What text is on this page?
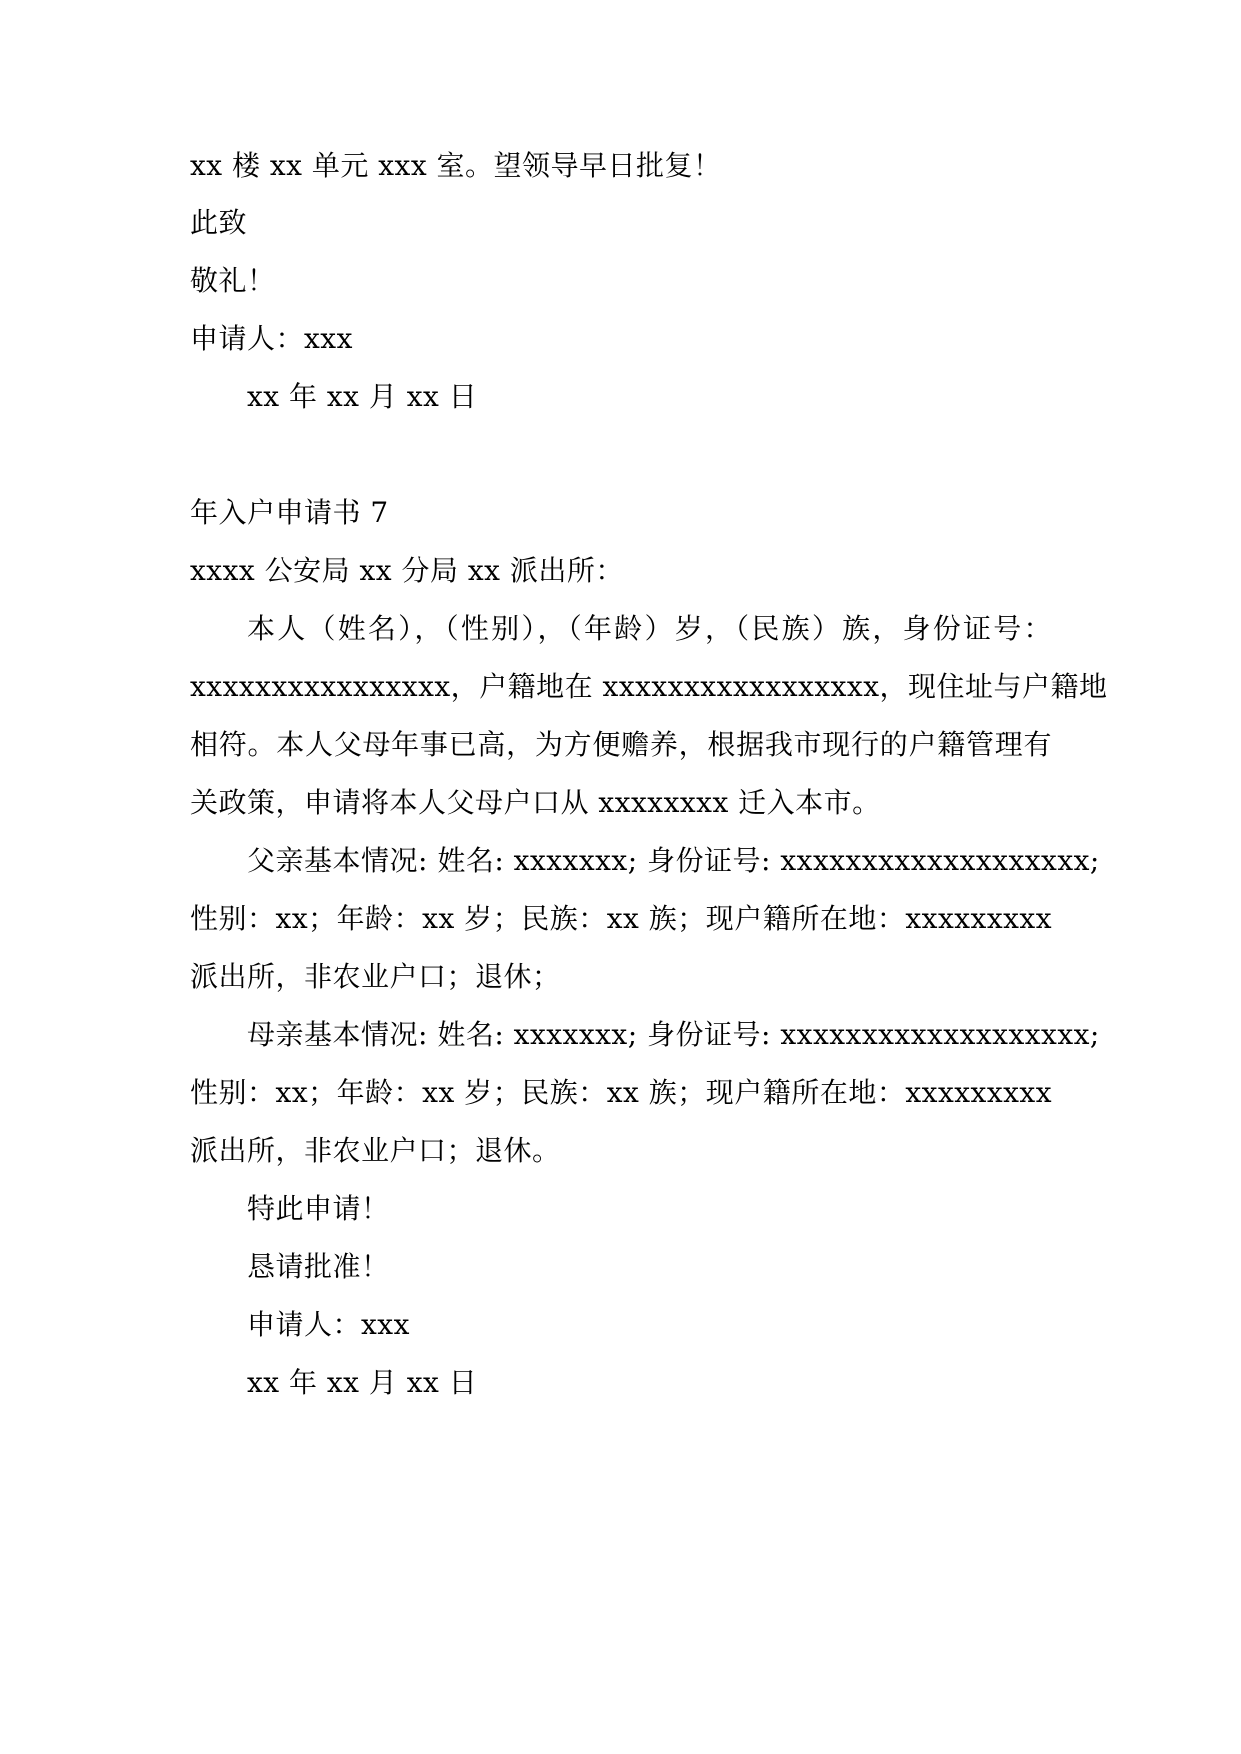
xx 楼 xx 单元 xxx 室。望领导早日批复！
此致
敬礼！
申请人：xxx
xx 年 xx 月 xx 日
年入户申请书 7
xxxx 公安局 xx 分局 xx 派出所：
本人（姓名），（性别），（年龄）岁，（民族）族，身份证号：
xxxxxxxxxxxxxxxx，户籍地在 xxxxxxxxxxxxxxxxx，现住址与户籍地
相符。本人父母年事已高，为方便赡养，根据我市现行的户籍管理有
关政策，申请将本人父母户口从 xxxxxxxx 迁入本市。
父亲基本情况: 姓名: xxxxxxx; 身份证号: xxxxxxxxxxxxxxxxxxx;
性别：xx；年龄：xx 岁；民族：xx 族；现户籍所在地：xxxxxxxxx
派出所，非农业户口；退休；
母亲基本情况: 姓名: xxxxxxx; 身份证号: xxxxxxxxxxxxxxxxxxx;
性别：xx；年龄：xx 岁；民族：xx 族；现户籍所在地：xxxxxxxxx
派出所，非农业户口；退休。
特此申请！
恳请批准！
申请人：xxx
xx 年 xx 月 xx 日
